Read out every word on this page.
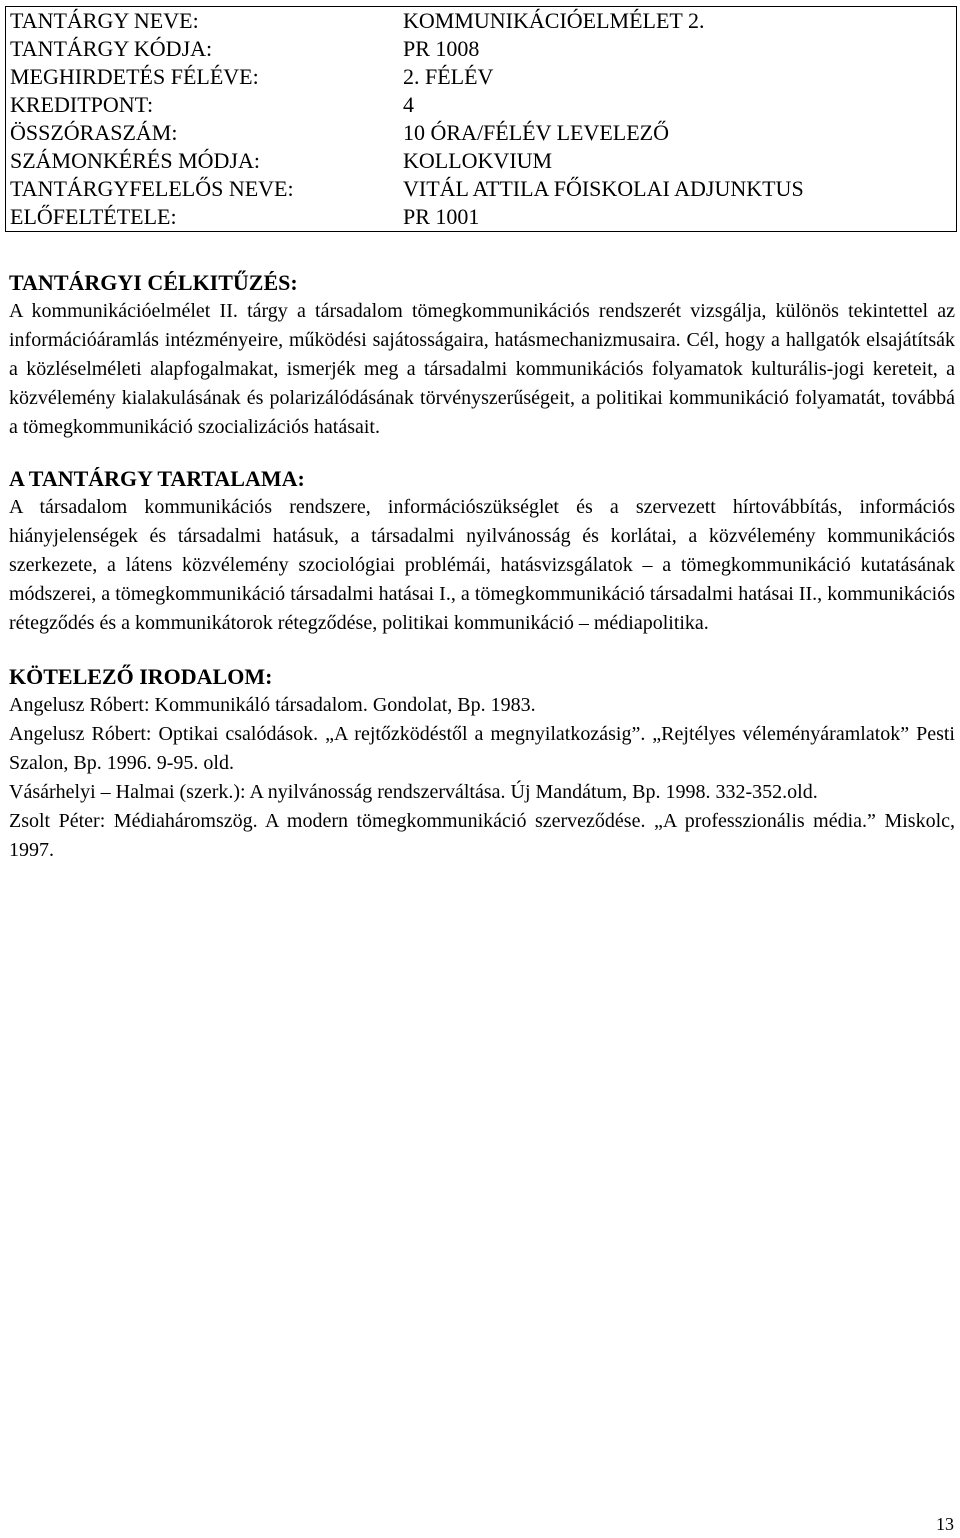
TANTÁRGY NEVE:	KOMMUNIKÁCIÓELMÉLET 2.
TANTÁRGY KÓDJA:	PR 1008
MEGHIRDETÉS FÉLÉVE:	2. FÉLÉV
KREDITPONT:	4
ÖSSZÓRASZÁM:	10 ÓRA/FÉLÉV LEVELEZŐ
SZÁMONKÉRÉS MÓDJA:	KOLLOKVIUM
TANTÁRGYFELELŐS NEVE:	VITÁL ATTILA FŐISKOLAI ADJUNKTUS
ELŐFELTÉTELE:	PR 1001
TANTÁRGYI CÉLKITŰZÉS:

A kommunikációelmélet II. tárgy a társadalom tömegkommunikációs rendszerét vizsgálja, különös tekintettel az információáramlás intézményeire, működési sajátosságaira, hatásmechanizmusaira. Cél, hogy a hallgatók elsajátítsák a közléselméleti alapfogalmakat, ismerjék meg a társadalmi kommunikációs folyamatok kulturális-jogi kereteit, a közvélemény kialakulásának és polarizálódásának törvényszerűségeit, a politikai kommunikáció folyamatát, továbbá a tömegkommunikáció szocializációs hatásait.

A TANTÁRGY TARTALAMA:

A társadalom kommunikációs rendszere, információszükséglet és a szervezett hírtovábbítás, információs hiányjelenségek és társadalmi hatásuk, a társadalmi nyilvánosság és korlátai, a közvélemény kommunikációs szerkezete, a látens közvélemény szociológiai problémái, hatásvizsgálatok – a tömegkommunikáció kutatásának módszerei, a tömegkommunikáció társadalmi hatásai I., a tömegkommunikáció társadalmi hatásai II., kommunikációs rétegződés és a kommunikátorok rétegződése, politikai kommunikáció – médiapolitika.

KÖTELEZŐ IRODALOM:

Angelusz Róbert: Kommunikáló társadalom. Gondolat, Bp. 1983.

Angelusz Róbert: Optikai csalódások. „A rejtőzködéstől a megnyilatkozásig”. „Rejtélyes véleményáramlatok” Pesti Szalon, Bp. 1996. 9-95. old.

Vásárhelyi – Halmai (szerk.): A nyilvánosság rendszerváltása. Új Mandátum, Bp. 1998. 332-352.old.

Zsolt Péter: Médiaháromszög. A modern tömegkommunikáció szerveződése. „A professzionális média.” Miskolc, 1997.

13
